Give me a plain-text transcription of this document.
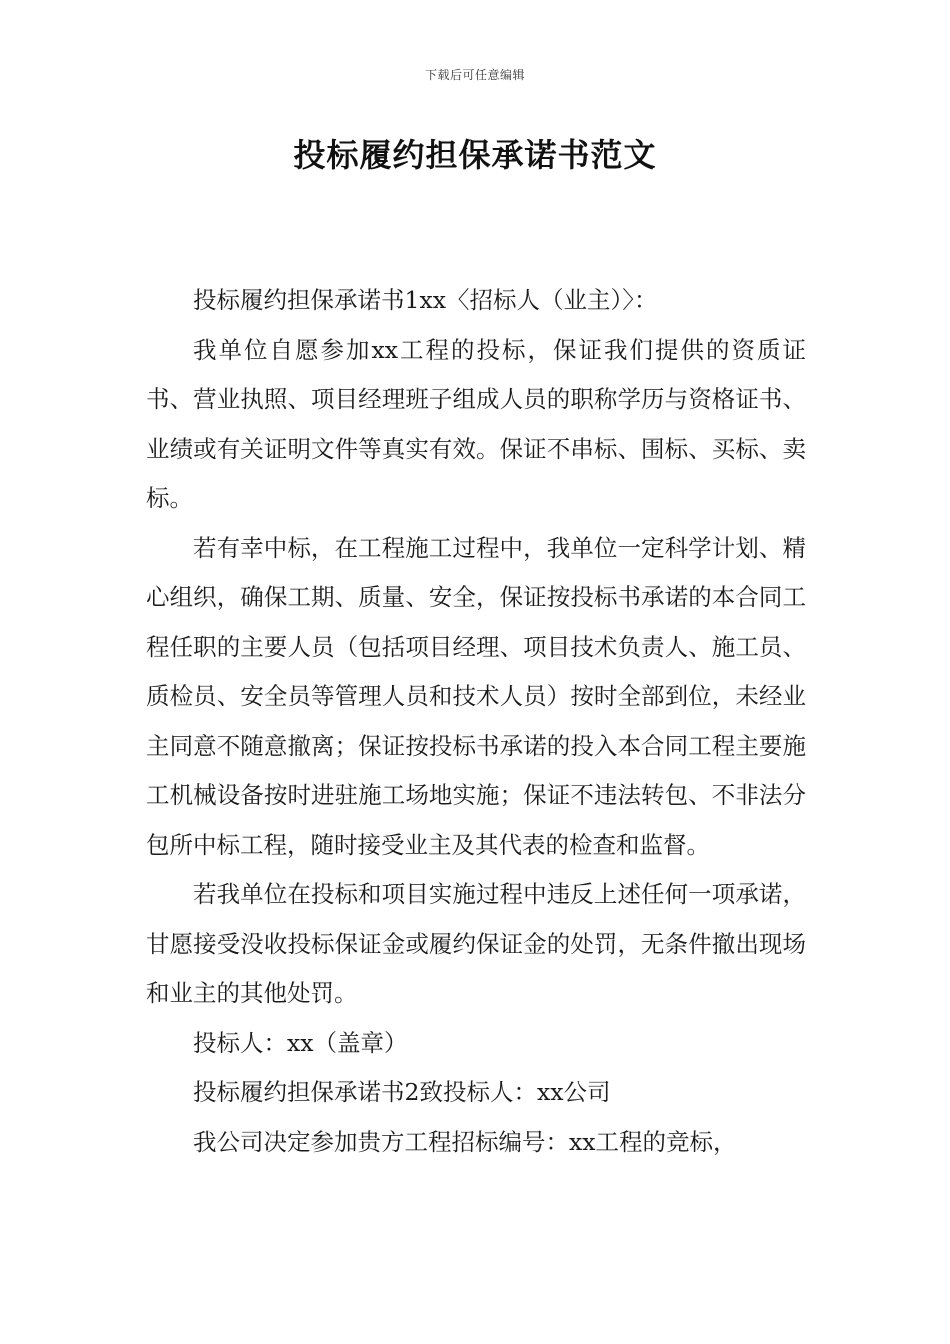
下载后可任意编辑
投标履约担保承诺书范文

投标履约担保承诺书1xx〈招标人（业主）〉：

我单位自愿参加xx工程的投标，保证我们提供的资质证书、营业执照、项目经理班子组成人员的职称学历与资格证书、业绩或有关证明文件等真实有效。保证不串标、围标、买标、卖标。

若有幸中标，在工程施工过程中，我单位一定科学计划、精心组织，确保工期、质量、安全，保证按投标书承诺的本合同工程任职的主要人员（包括项目经理、项目技术负责人、施工员、质检员、安全员等管理人员和技术人员）按时全部到位，未经业主同意不随意撤离；保证按投标书承诺的投入本合同工程主要施工机械设备按时进驻施工场地实施；保证不违法转包、不非法分包所中标工程，随时接受业主及其代表的检查和监督。

若我单位在投标和项目实施过程中违反上述任何一项承诺，甘愿接受没收投标保证金或履约保证金的处罚，无条件撤出现场和业主的其他处罚。

投标人：xx（盖章）

投标履约担保承诺书2致投标人：xx公司

我公司决定参加贵方工程招标编号：xx工程的竞标，
